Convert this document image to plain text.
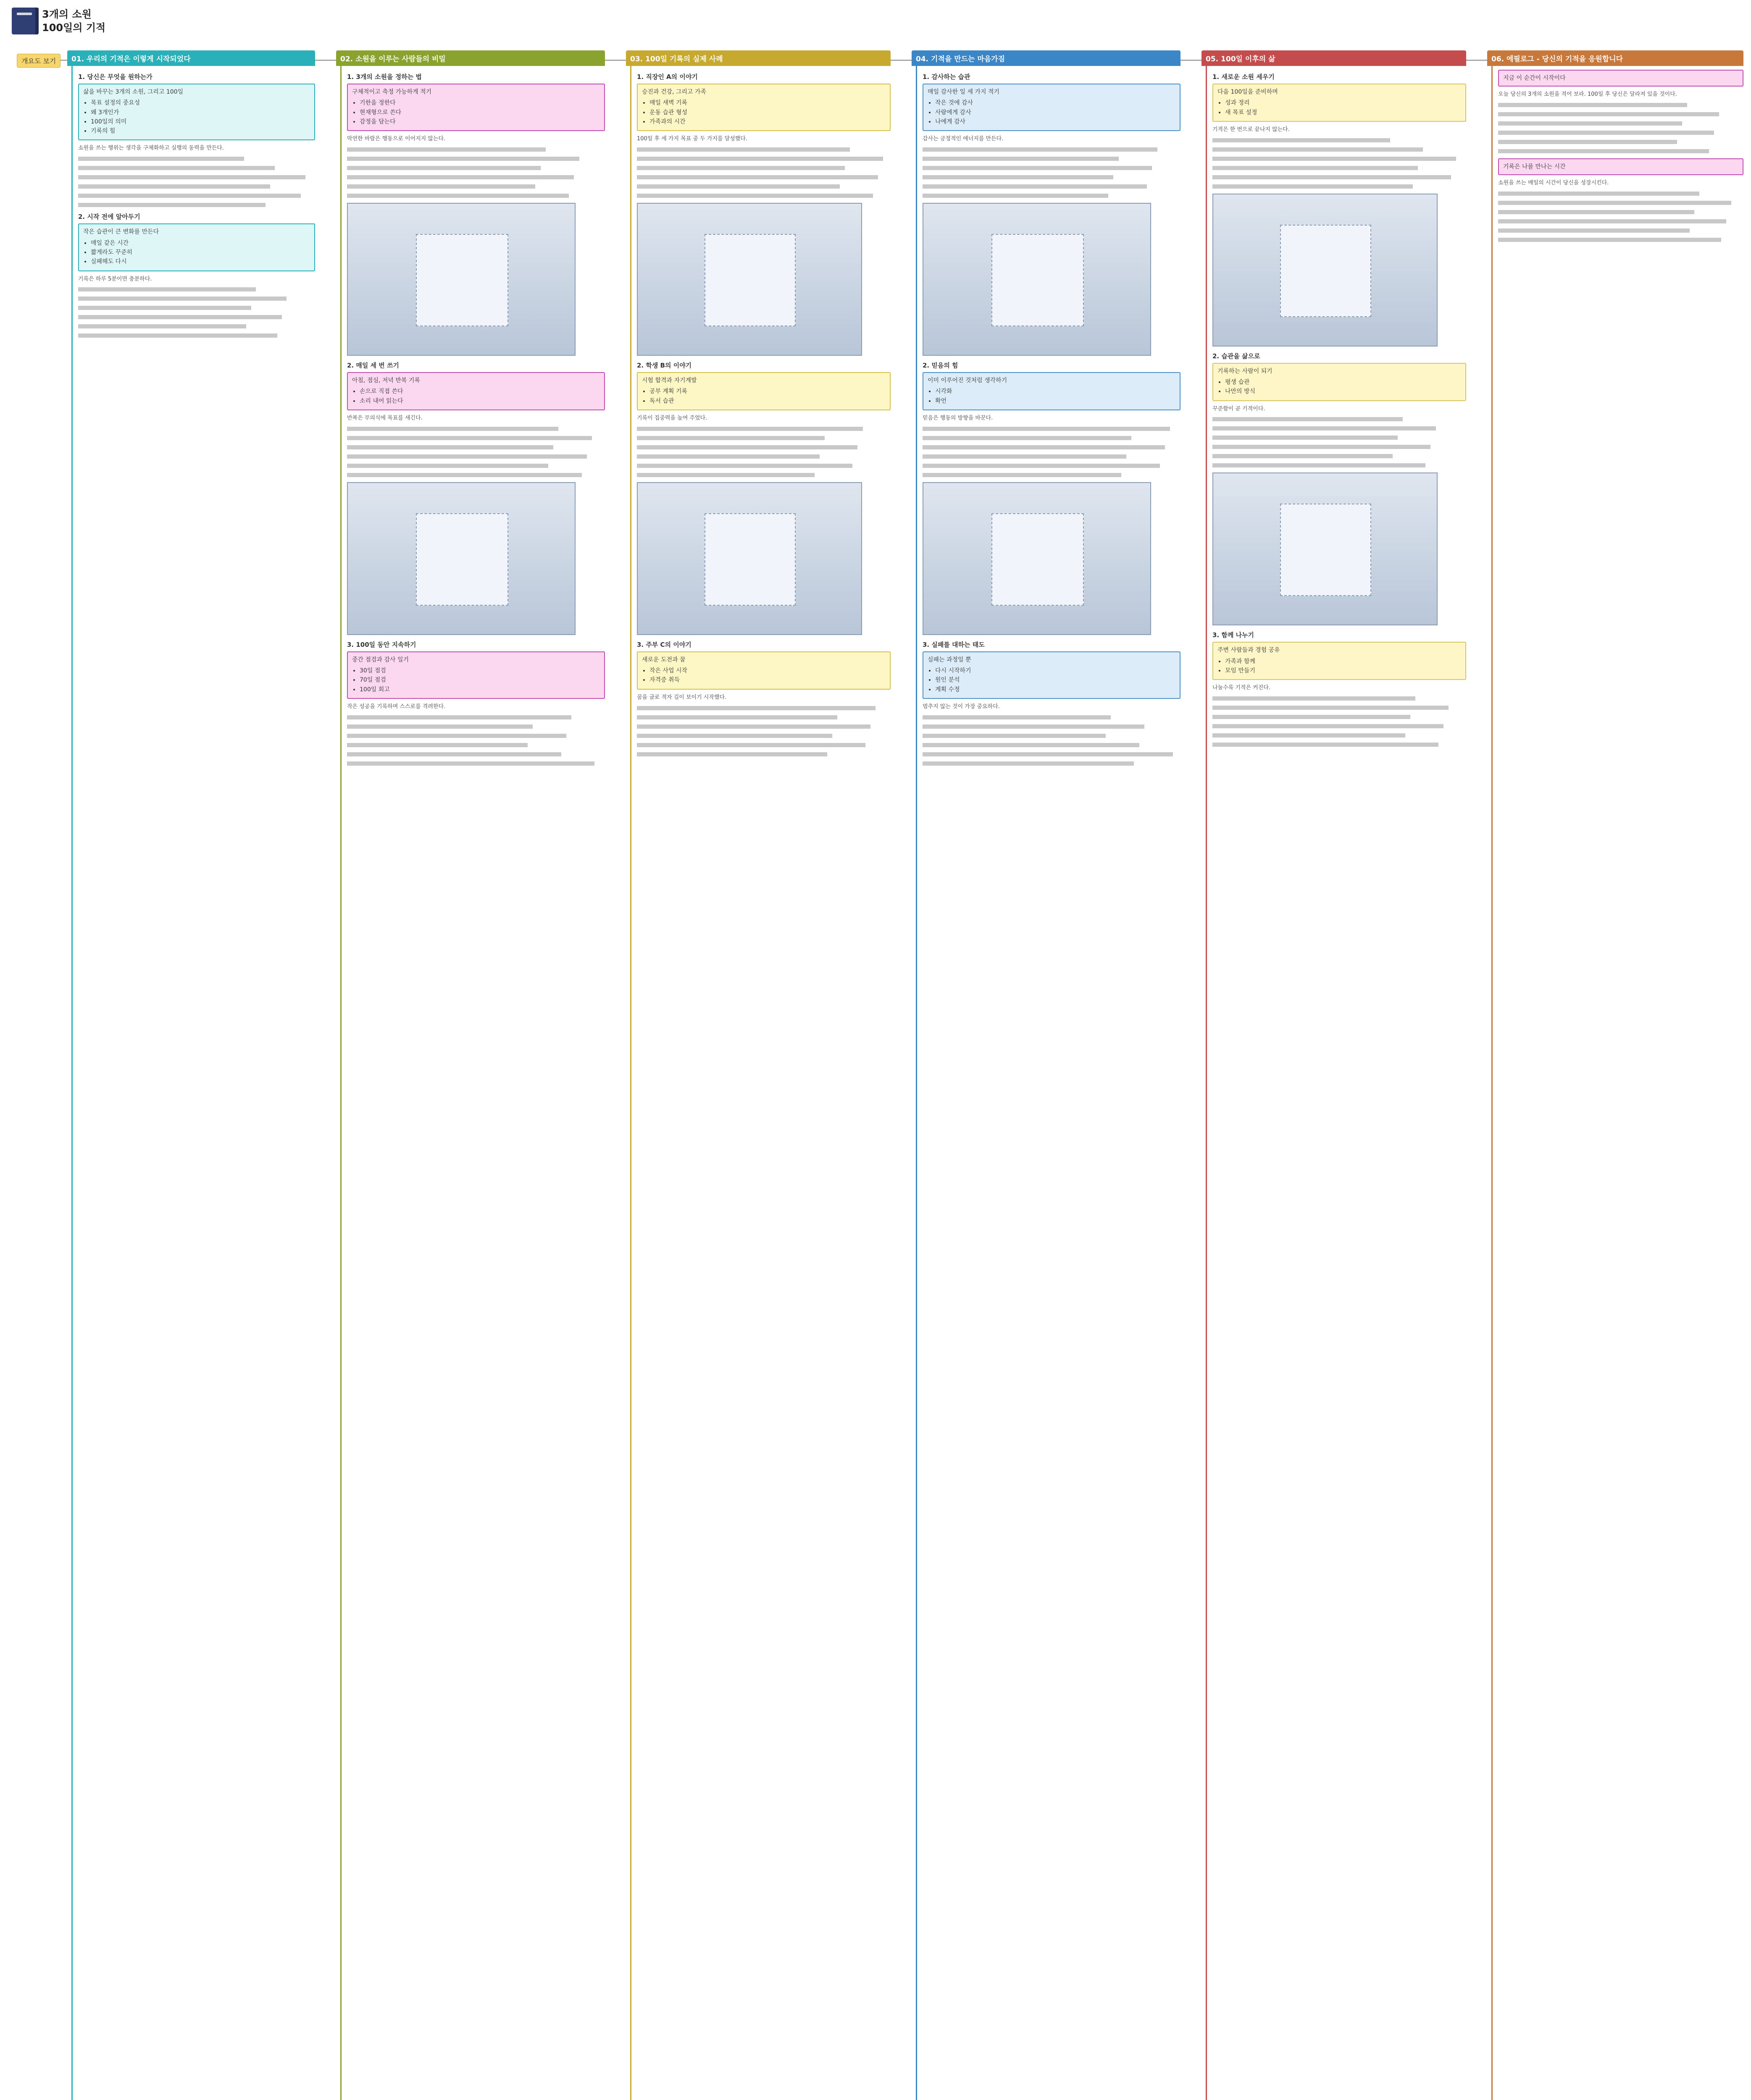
3개의 소원
100일의 기적
개요도 보기	01. 우리의 기적은 이렇게 시작되었다
1. 당신은 무엇을 원하는가
삶을 바꾸는 3개의 소원, 그리고 100일
• 목표 설정의 중요성
• 왜 3개인가
• 100일의 의미
• 기록의 힘
소원을 쓰는 행위는 생각을 구체화하고 실행의 동력을 만든다.
2. 시작 전에 알아두기
작은 습관이 큰 변화를 만든다
• 매일 같은 시간
• 짧게라도 꾸준히
• 실패해도 다시
기록은 하루 5분이면 충분하다.
02. 소원을 이루는 사람들의 비밀
1. 3개의 소원을 정하는 법
구체적이고 측정 가능하게 적기
• 기한을 정한다
• 현재형으로 쓴다
• 감정을 담는다
막연한 바람은 행동으로 이어지지 않는다.
2. 매일 세 번 쓰기
아침, 점심, 저녁 반복 기록
• 손으로 직접 쓴다
• 소리 내어 읽는다
반복은 무의식에 목표를 새긴다.
3. 100일 동안 지속하기
중간 점검과 감사 일기
• 30일 점검
• 70일 점검
• 100일 회고
작은 성공을 기록하며 스스로를 격려한다.
03. 100일 기록의 실제 사례
1. 직장인 A의 이야기
승진과 건강, 그리고 가족
• 매일 새벽 기록
• 운동 습관 형성
• 가족과의 시간
100일 후 세 가지 목표 중 두 가지를 달성했다.
2. 학생 B의 이야기
시험 합격과 자기계발
• 공부 계획 기록
• 독서 습관
기록이 집중력을 높여 주었다.
3. 주부 C의 이야기
새로운 도전과 꿈
• 작은 사업 시작
• 자격증 취득
꿈을 글로 적자 길이 보이기 시작했다.
04. 기적을 만드는 마음가짐
1. 감사하는 습관
매일 감사한 일 세 가지 적기
• 작은 것에 감사
• 사람에게 감사
• 나에게 감사
감사는 긍정적인 에너지를 만든다.
2. 믿음의 힘
이미 이루어진 것처럼 생각하기
• 시각화
• 확언
믿음은 행동의 방향을 바꾼다.
3. 실패를 대하는 태도
실패는 과정일 뿐
• 다시 시작하기
• 원인 분석
• 계획 수정
멈추지 않는 것이 가장 중요하다.
05. 100일 이후의 삶
1. 새로운 소원 세우기
다음 100일을 준비하며
• 성과 정리
• 새 목표 설정
기적은 한 번으로 끝나지 않는다.
2. 습관을 삶으로
기록하는 사람이 되기
• 평생 습관
• 나만의 방식
꾸준함이 곧 기적이다.
3. 함께 나누기
주변 사람들과 경험 공유
• 가족과 함께
• 모임 만들기
나눌수록 기적은 커진다.
06. 에필로그 - 당신의 기적을 응원합니다
지금 이 순간이 시작이다
오늘 당신의 3개의 소원을 적어 보라. 100일 후 당신은 달라져 있을 것이다.
기록은 나를 만나는 시간
소원을 쓰는 매일의 시간이 당신을 성장시킨다.
